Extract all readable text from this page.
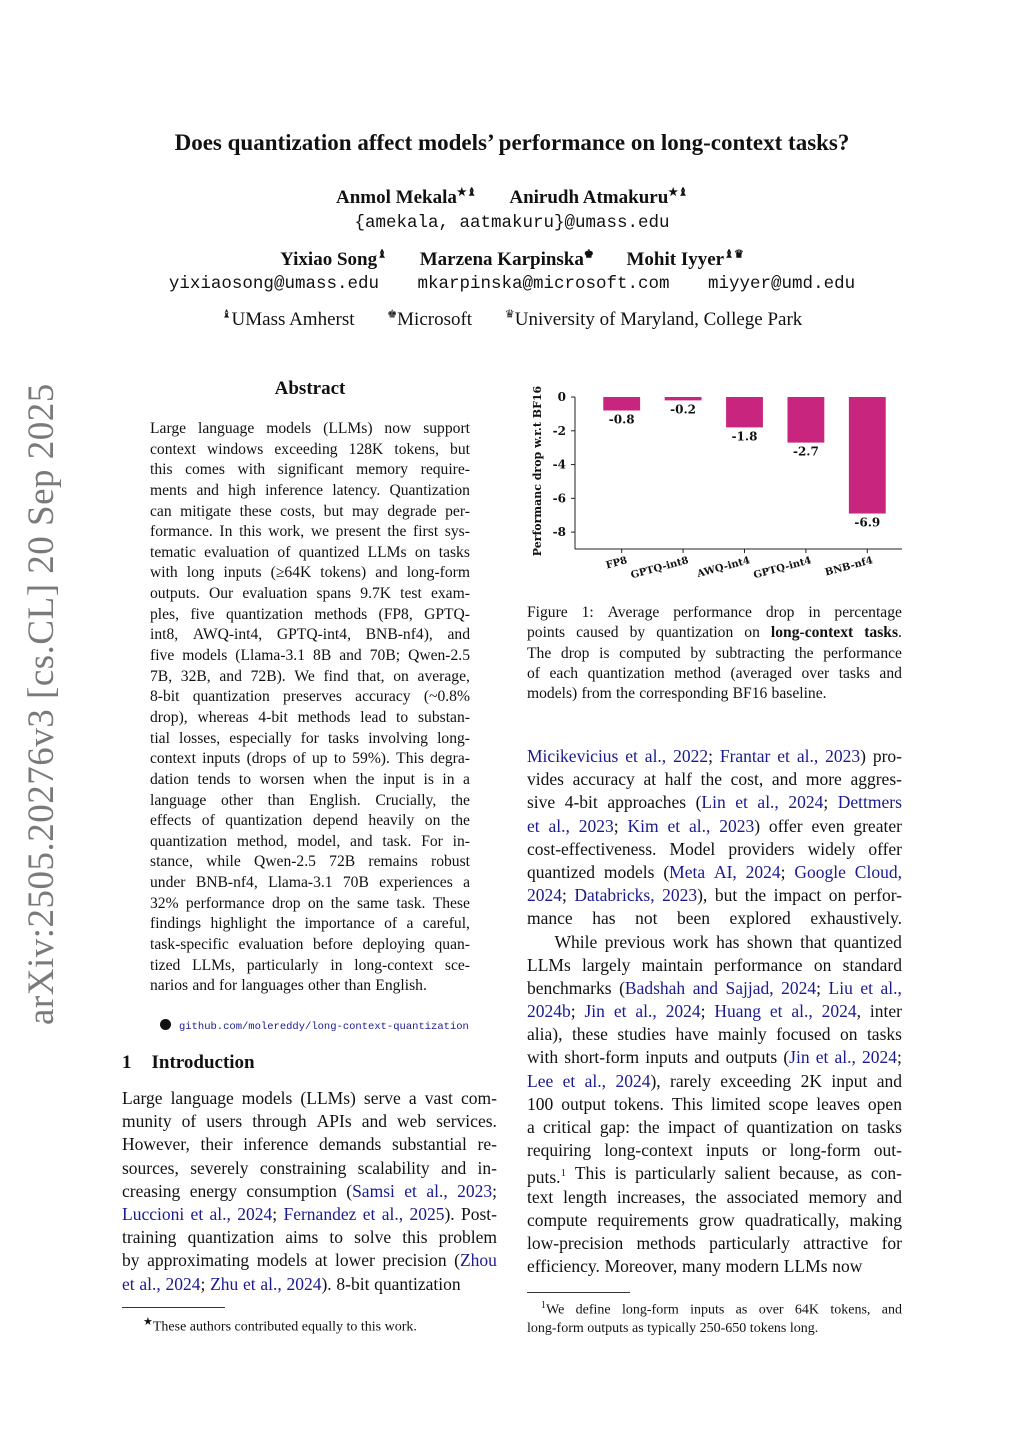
arXiv:2505.20276v3 [cs.CL] 20 Sep 2025
Does quantization affect models’ performance on long-context tasks?
Anmol Mekala★♝ Anirudh Atmakuru★♝
{amekala, aatmakuru}@umass.edu
Yixiao Song♝ Marzena Karpinska♚ Mohit Iyyer♝♛
yixiaosong@umass.edu mkarpinska@microsoft.com miyyer@umd.edu
♝UMass Amherst	♚Microsoft	♛University of Maryland, College Park
Abstract
Large language models (LLMs) now support
context windows exceeding 128K tokens, but
this comes with significant memory require-
ments and high inference latency. Quantization
can mitigate these costs, but may degrade per-
formance. In this work, we present the first sys-
tematic evaluation of quantized LLMs on tasks
with long inputs (≥64K tokens) and long-form
outputs. Our evaluation spans 9.7K test exam-
ples, five quantization methods (FP8, GPTQ-
int8, AWQ-int4, GPTQ-int4, BNB-nf4), and
five models (Llama-3.1 8B and 70B; Qwen-2.5
7B, 32B, and 72B). We find that, on average,
8-bit quantization preserves accuracy (~0.8%
drop), whereas 4-bit methods lead to substan-
tial losses, especially for tasks involving long-
context inputs (drops of up to 59%). This degra-
dation tends to worsen when the input is in a
language other than English. Crucially, the
effects of quantization depend heavily on the
quantization method, model, and task. For in-
stance, while Qwen-2.5 72B remains robust
under BNB-nf4, Llama-3.1 70B experiences a
32% performance drop on the same task. These
findings highlight the importance of a careful,
task-specific evaluation before deploying quan-
tized LLMs, particularly in long-context sce-
narios and for languages other than English.
github.com/molereddy/long-context-quantization
1 Introduction
Large language models (LLMs) serve a vast com-
munity of users through APIs and web services.
However, their inference demands substantial re-
sources, severely constraining scalability and in-
creasing energy consumption (Samsi et al., 2023;
Luccioni et al., 2024; Fernandez et al., 2025). Post-
training quantization aims to solve this problem
by approximating models at lower precision (Zhou
et al., 2024; Zhu et al., 2024). 8-bit quantization
★These authors contributed equally to this work.
0
-2
-4
-6
-8
Performanc drop w.r.t BF16	-0.8
FP8
-0.2
GPTQ-int8
-1.8
AWQ-int4
-2.7
GPTQ-int4
-6.9
BNB-nf4
Figure 1: Average performance drop in percentage
points caused by quantization on long-context tasks.
The drop is computed by subtracting the performance
of each quantization method (averaged over tasks and
models) from the corresponding BF16 baseline.
Micikevicius et al., 2022; Frantar et al., 2023) pro-
vides accuracy at half the cost, and more aggres-
sive 4-bit approaches (Lin et al., 2024; Dettmers
et al., 2023; Kim et al., 2023) offer even greater
cost-effectiveness. Model providers widely offer
quantized models (Meta AI, 2024; Google Cloud,
2024; Databricks, 2023), but the impact on perfor-
mance has not been explored exhaustively.
While previous work has shown that quantized
LLMs largely maintain performance on standard
benchmarks (Badshah and Sajjad, 2024; Liu et al.,
2024b; Jin et al., 2024; Huang et al., 2024, inter
alia), these studies have mainly focused on tasks
with short-form inputs and outputs (Jin et al., 2024;
Lee et al., 2024), rarely exceeding 2K input and
100 output tokens. This limited scope leaves open
a critical gap: the impact of quantization on tasks
requiring long-context inputs or long-form out-
puts.$^1$ This is particularly salient because, as con-
text length increases, the associated memory and
compute requirements grow quadratically, making
low-precision methods particularly attractive for
efficiency. Moreover, many modern LLMs now
$^1$We define long-form inputs as over 64K tokens, and
long-form outputs as typically 250-650 tokens long.
